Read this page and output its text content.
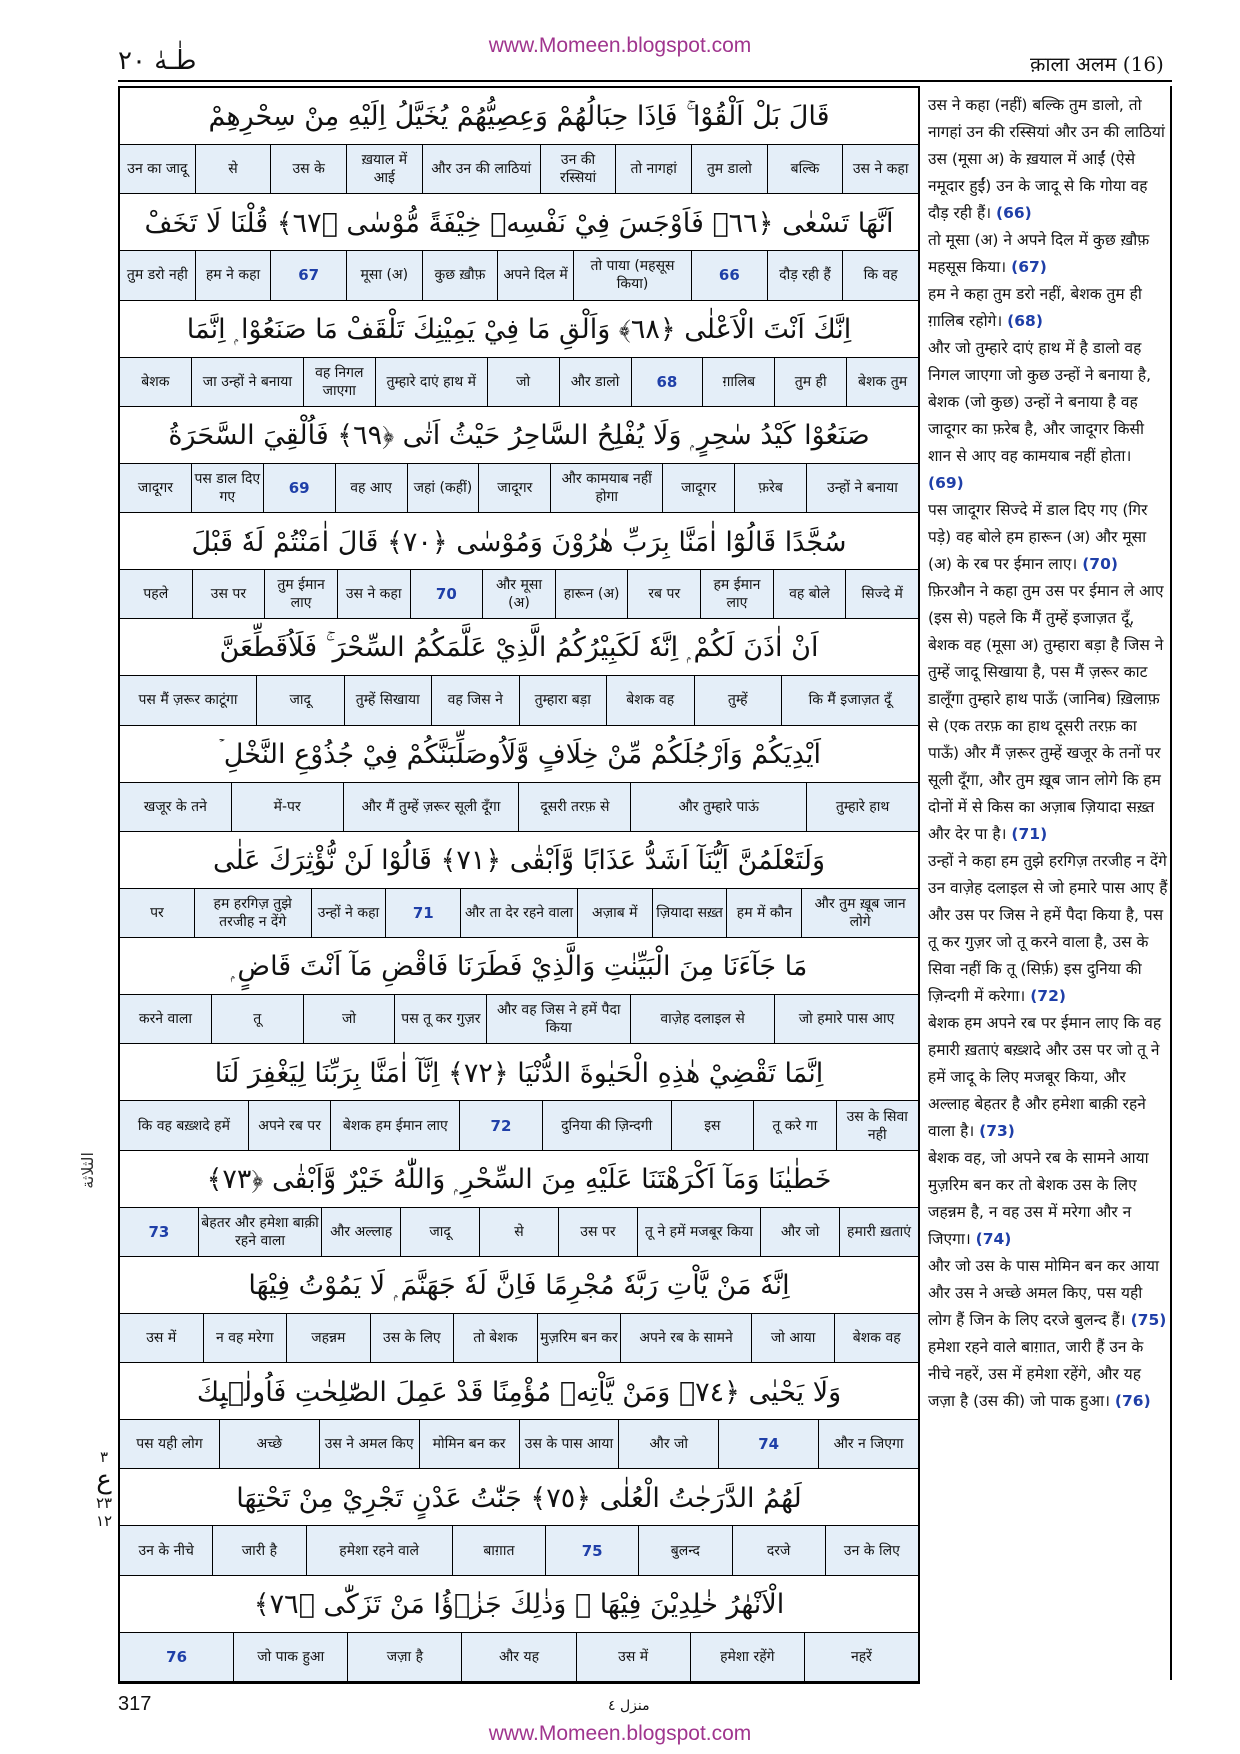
www.Momeen.blogspot.com
طٰـهٰ ٢٠	क़ाला अलम (16)
قَالَ بَلْ اَلْقُوْا ۚ فَاِذَا حِبَالُهُمْ وَعِصِيُّهُمْ يُخَيَّلُ اِلَيْهِ مِنْ سِحْرِهِمْ
उस ने कहा
बल्कि
तुम डालो
तो नागहां
उन की रस्सियां
और उन की लाठियां
ख़याल में आई
उस के
से
उन का जादू
اَنَّهَا تَسْعٰى ﴿٦٦﴾ فَاَوْجَسَ فِيْ نَفْسِهٖ خِيْفَةً مُّوْسٰى ﴿٦٧﴾ قُلْنَا لَا تَخَفْ
कि वह
दौड़ रही हैं
66
तो पाया (महसूस किया)
अपने दिल में
कुछ ख़ौफ़
मूसा (अ)
67
हम ने कहा
तुम डरो नही
اِنَّكَ اَنْتَ الْاَعْلٰى ﴿٦٨﴾ وَاَلْقِ مَا فِيْ يَمِيْنِكَ تَلْقَفْ مَا صَنَعُوْا ۭ اِنَّمَا
बेशक तुम
तुम ही
ग़ालिब
68
और डालो
जो
तुम्हारे दाएं हाथ में
वह निगल जाएगा
जा उन्हों ने बनाया
बेशक
صَنَعُوْا كَيْدُ سٰحِرٍ ۭ وَلَا يُفْلِحُ السَّاحِرُ حَيْثُ اَتٰى ﴿٦٩﴾ فَاُلْقِيَ السَّحَرَةُ
उन्हों ने बनाया
फ़रेब
जादूगर
और कामयाब नहीं होगा
जादूगर
जहां (कहीं)
वह आए
69
पस डाल दिए गए
जादूगर
سُجَّدًا قَالُوْٓا اٰمَنَّا بِرَبِّ هٰرُوْنَ وَمُوْسٰى ﴿٧٠﴾ قَالَ اٰمَنْتُمْ لَهٗ قَبْلَ
सिज्दे में
वह बोले
हम ईमान लाए
रब पर
हारून (अ)
और मूसा (अ)
70
उस ने कहा
तुम ईमान लाए
उस पर
पहले
اَنْ اٰذَنَ لَكُمْ ۭ اِنَّهٗ لَكَبِيْرُكُمُ الَّذِيْ عَلَّمَكُمُ السِّحْرَ ۚ فَلَاُقَطِّعَنَّ
कि मैं इजाज़त दूँ
तुम्हें
बेशक वह
तुम्हारा बड़ा
वह जिस ने
तुम्हें सिखाया
जादू
पस मैं ज़रूर काटूंगा
اَيْدِيَكُمْ وَاَرْجُلَكُمْ مِّنْ خِلَافٍ وَّلَاُوصَلِّبَنَّكُمْ فِيْ جُذُوْعِ النَّخْلِ ۡ
तुम्हारे हाथ
और तुम्हारे पाऊं
दूसरी तरफ़ से
और मैं तुम्हें ज़रूर सूली दूँगा
में-पर
खजूर के तने
وَلَتَعْلَمُنَّ اَيُّنَآ اَشَدُّ عَذَابًا وَّاَبْقٰى ﴿٧١﴾ قَالُوْا لَنْ نُّؤْثِرَكَ عَلٰى
और तुम ख़ूब जान लोगे
हम में कौन
ज़ियादा सख़्त
अज़ाब में
और ता देर रहने वाला
71
उन्हों ने कहा
हम हरगिज़ तुझे तरजीह न देंगे
पर
مَا جَآءَنَا مِنَ الْبَيِّنٰتِ وَالَّذِيْ فَطَرَنَا فَاقْضِ مَآ اَنْتَ قَاضٍ ۭ
जो हमारे पास आए
वाज़ेह दलाइल से
और वह जिस ने हमें पैदा किया
पस तू कर गुज़र
जो
तू
करने वाला
اِنَّمَا تَقْضِيْ هٰذِهِ الْحَيٰوةَ الدُّنْيَا ﴿٧٢﴾ اِنَّآ اٰمَنَّا بِرَبِّنَا لِيَغْفِرَ لَنَا
उस के सिवा नही
तू करे गा
इस
दुनिया की ज़िन्दगी
72
बेशक हम ईमान लाए
अपने रब पर
कि वह बख़्शदे हमें
خَطٰيٰنَا وَمَآ اَكْرَهْتَنَا عَلَيْهِ مِنَ السِّحْرِ ۭ وَاللّٰهُ خَيْرٌ وَّاَبْقٰى ﴿٧٣﴾
हमारी ख़ताएं
और जो
तू ने हमें मजबूर किया
उस पर
से
जादू
और अल्लाह
बेहतर और हमेशा बाक़ी रहने वाला
73
اِنَّهٗ مَنْ يَّاْتِ رَبَّهٗ مُجْرِمًا فَاِنَّ لَهٗ جَهَنَّمَ ۭ لَا يَمُوْتُ فِيْهَا
बेशक वह
जो आया
अपने रब के सामने
मुज़रिम बन कर
तो बेशक
उस के लिए
जहन्नम
न वह मरेगा
उस में
وَلَا يَحْيٰى ﴿٧٤﴾ وَمَنْ يَّاْتِهٖ مُؤْمِنًا قَدْ عَمِلَ الصّٰلِحٰتِ فَاُولٰۗىِٕكَ
और न जिएगा
74
और जो
उस के पास आया
मोमिन बन कर
उस ने अमल किए
अच्छे
पस यही लोग
لَهُمُ الدَّرَجٰتُ الْعُلٰى ﴿٧٥﴾ جَنّٰتُ عَدْنٍ تَجْرِيْ مِنْ تَحْتِهَا
उन के लिए
दरजे
बुलन्द
75
बाग़ात
हमेशा रहने वाले
जारी है
उन के नीचे
الْاَنْهٰرُ خٰلِدِيْنَ فِيْهَا ۭ وَذٰلِكَ جَزٰۗؤُا مَنْ تَزَكّٰى ﴿٧٦﴾
नहरें
हमेशा रहेंगे
उस में
और यह
जज़ा है
जो पाक हुआ
76
उस ने कहा (नहीं) बल्कि तुम डालो, तो नागहां उन की रस्सियां और उन की लाठियां उस (मूसा अ) के ख़याल में आईं (ऐसे नमूदार हुईं) उन के जादू से कि गोया वह दौड़ रही हैं। (66)
तो मूसा (अ) ने अपने दिल में कुछ ख़ौफ़ महसूस किया। (67)
हम ने कहा तुम डरो नहीं, बेशक तुम ही ग़ालिब रहोगे। (68)
और जो तुम्हारे दाएं हाथ में है डालो वह निगल जाएगा जो कुछ उन्हों ने बनाया है, बेशक (जो कुछ) उन्हों ने बनाया है वह जादूगर का फ़रेब है, और जादूगर किसी शान से आए वह कामयाब नहीं होता। (69)
पस जादूगर सिज्दे में डाल दिए गए (गिर पड़े) वह बोले हम हारून (अ) और मूसा (अ) के रब पर ईमान लाए। (70)
फ़िरऔन ने कहा तुम उस पर ईमान ले आए (इस से) पहले कि मैं तुम्हें इजाज़त दूँ, बेशक वह (मूसा अ) तुम्हारा बड़ा है जिस ने तुम्हें जादू सिखाया है, पस मैं ज़रूर काट डालूँगा तुम्हारे हाथ पाऊँ (जानिब) ख़िलाफ़ से (एक तरफ़ का हाथ दूसरी तरफ़ का पाऊँ) और मैं ज़रूर तुम्हें खजूर के तनों पर सूली दूँगा, और तुम ख़ूब जान लोगे कि हम दोनों में से किस का अज़ाब ज़ियादा सख़्त और देर पा है। (71)
उन्हों ने कहा हम तुझे हरगिज़ तरजीह न देंगे उन वाज़ेह दलाइल से जो हमारे पास आए हैं और उस पर जिस ने हमें पैदा किया है, पस तू कर गुज़र जो तू करने वाला है, उस के सिवा नहीं कि तू (सिर्फ़) इस दुनिया की ज़िन्दगी में करेगा। (72)
बेशक हम अपने रब पर ईमान लाए कि वह हमारी ख़ताएं बख़्शदे और उस पर जो तू ने हमें जादू के लिए मजबूर किया, और अल्लाह बेहतर है और हमेशा बाक़ी रहने वाला है। (73)
बेशक वह, जो अपने रब के सामने आया मुज़रिम बन कर तो बेशक उस के लिए जहन्नम है, न वह उस में मरेगा और न जिएगा। (74)
और जो उस के पास मोमिन बन कर आया और उस ने अच्छे अमल किए, पस यही लोग हैं जिन के लिए दरजे बुलन्द हैं। (75)
हमेशा रहने वाले बाग़ात, जारी हैं उन के नीचे नहरें, उस में हमेशा रहेंगे, और यह जज़ा है (उस की) जो पाक हुआ। (76)
الثلاثة
٣
ع
٢٣
١٢
317	منزل ٤
www.Momeen.blogspot.com
